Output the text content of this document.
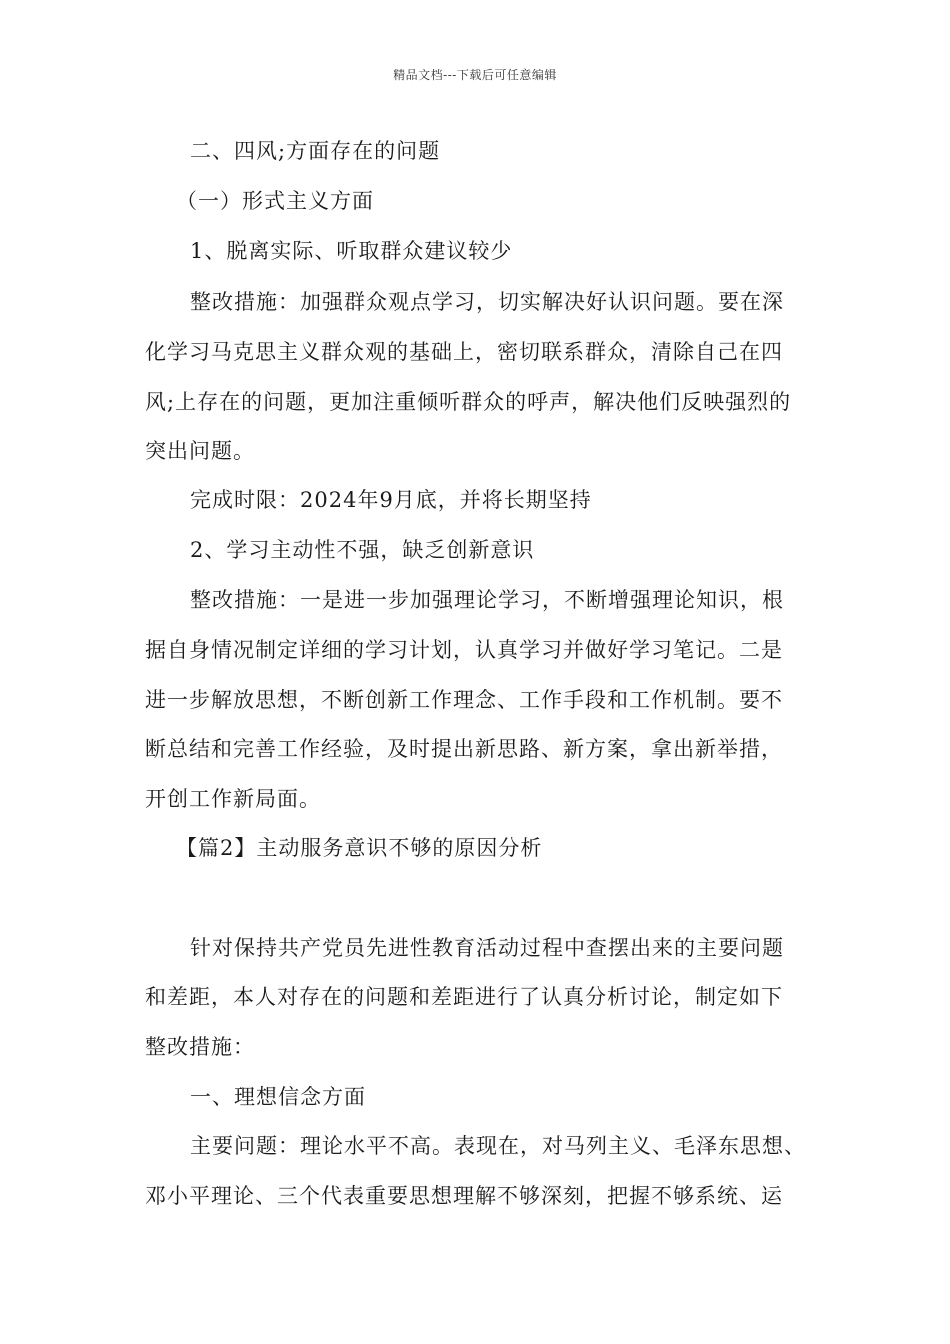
精品文档---下载后可任意编辑
二、四风;方面存在的问题
（一）形式主义方面
1、脱离实际、听取群众建议较少
整改措施：加强群众观点学习，切实解决好认识问题。要在深
化学习马克思主义群众观的基础上，密切联系群众，清除自己在四
风;上存在的问题，更加注重倾听群众的呼声，解决他们反映强烈的
突出问题。
完成时限：2024年9月底，并将长期坚持
2、学习主动性不强，缺乏创新意识
整改措施：一是进一步加强理论学习，不断增强理论知识，根
据自身情况制定详细的学习计划，认真学习并做好学习笔记。二是
进一步解放思想，不断创新工作理念、工作手段和工作机制。要不
断总结和完善工作经验，及时提出新思路、新方案，拿出新举措，
开创工作新局面。
【篇2】主动服务意识不够的原因分析
针对保持共产党员先进性教育活动过程中查摆出来的主要问题
和差距，本人对存在的问题和差距进行了认真分析讨论，制定如下
整改措施：
一、理想信念方面
主要问题：理论水平不高。表现在，对马列主义、毛泽东思想、
邓小平理论、三个代表重要思想理解不够深刻，把握不够系统、运
